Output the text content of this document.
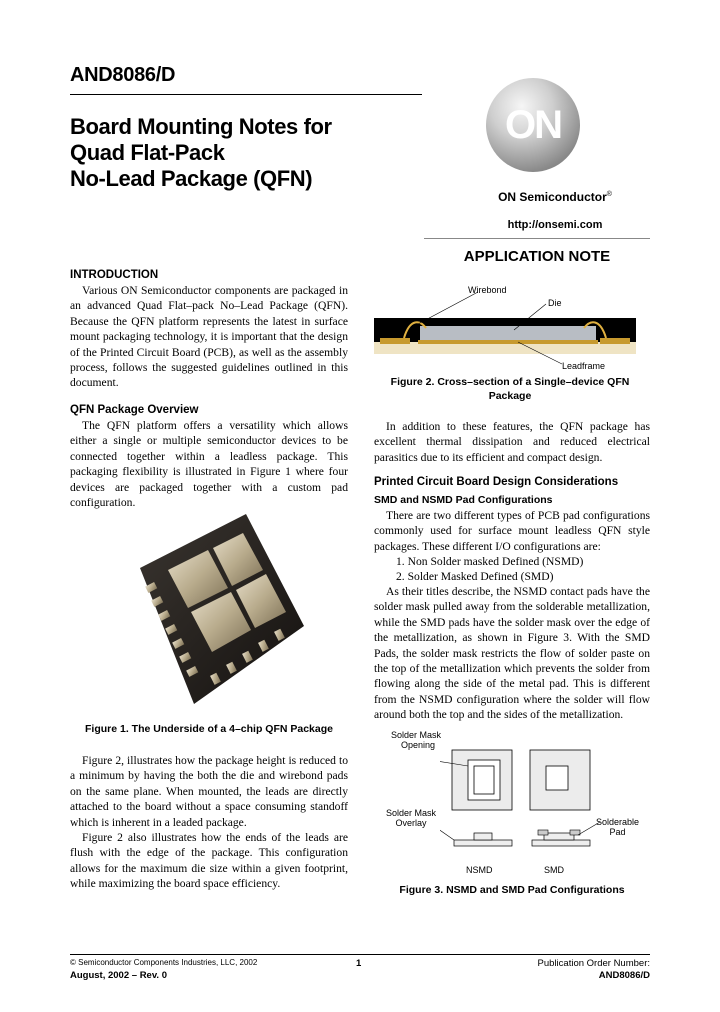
AND8086/D
Board Mounting Notes for
Quad Flat-Pack
No-Lead Package (QFN)
ON
ON Semiconductor®
http://onsemi.com
APPLICATION NOTE
INTRODUCTION
Various ON Semiconductor components are packaged in an advanced Quad Flat–pack No–Lead Package (QFN). Because the QFN platform represents the latest in surface mount packaging technology, it is important that the design of the Printed Circuit Board (PCB), as well as the assembly process, follows the suggested guidelines outlined in this document.
QFN Package Overview
The QFN platform offers a versatility which allows either a single or multiple semiconductor devices to be connected together within a leadless package. This packaging flexibility is illustrated in Figure 1 where four devices are packaged together with a custom pad configuration.
Figure 1. The Underside of a 4–chip QFN Package
Figure 2, illustrates how the package height is reduced to a minimum by having the both the die and wirebond pads on the same plane. When mounted, the leads are directly attached to the board without a space consuming standoff which is inherent in a leaded package.
Figure 2 also illustrates how the ends of the leads are flush with the edge of the package. This configuration allows for the maximum die size within a given footprint, while maximizing the board space efficiency.
Wirebond
Die
Leadframe
Figure 2. Cross–section of a Single–device QFN
Package
In addition to these features, the QFN package has excellent thermal dissipation and reduced electrical parasitics due to its efficient and compact design.
Printed Circuit Board Design Considerations
SMD and NSMD Pad Configurations
There are two different types of PCB pad configurations commonly used for surface mount leadless QFN style packages. These different I/O configurations are:
1. Non Solder masked Defined (NSMD)
2. Solder Masked Defined (SMD)
As their titles describe, the NSMD contact pads have the solder mask pulled away from the solderable metallization, while the SMD pads have the solder mask over the edge of the metallization, as shown in Figure 3. With the SMD Pads, the solder mask restricts the flow of solder paste on the top of the metallization which prevents the solder from flowing along the side of the metal pad. This is different from the NSMD configuration where the solder will flow around both the top and the sides of the metallization.
Solder Mask
Opening
Solder Mask
Overlay	Solderable
Pad
NSMD	SMD
Figure 3. NSMD and SMD Pad Configurations
© Semiconductor Components Industries, LLC, 2002
August, 2002 – Rev. 0
1	Publication Order Number:
AND8086/D
